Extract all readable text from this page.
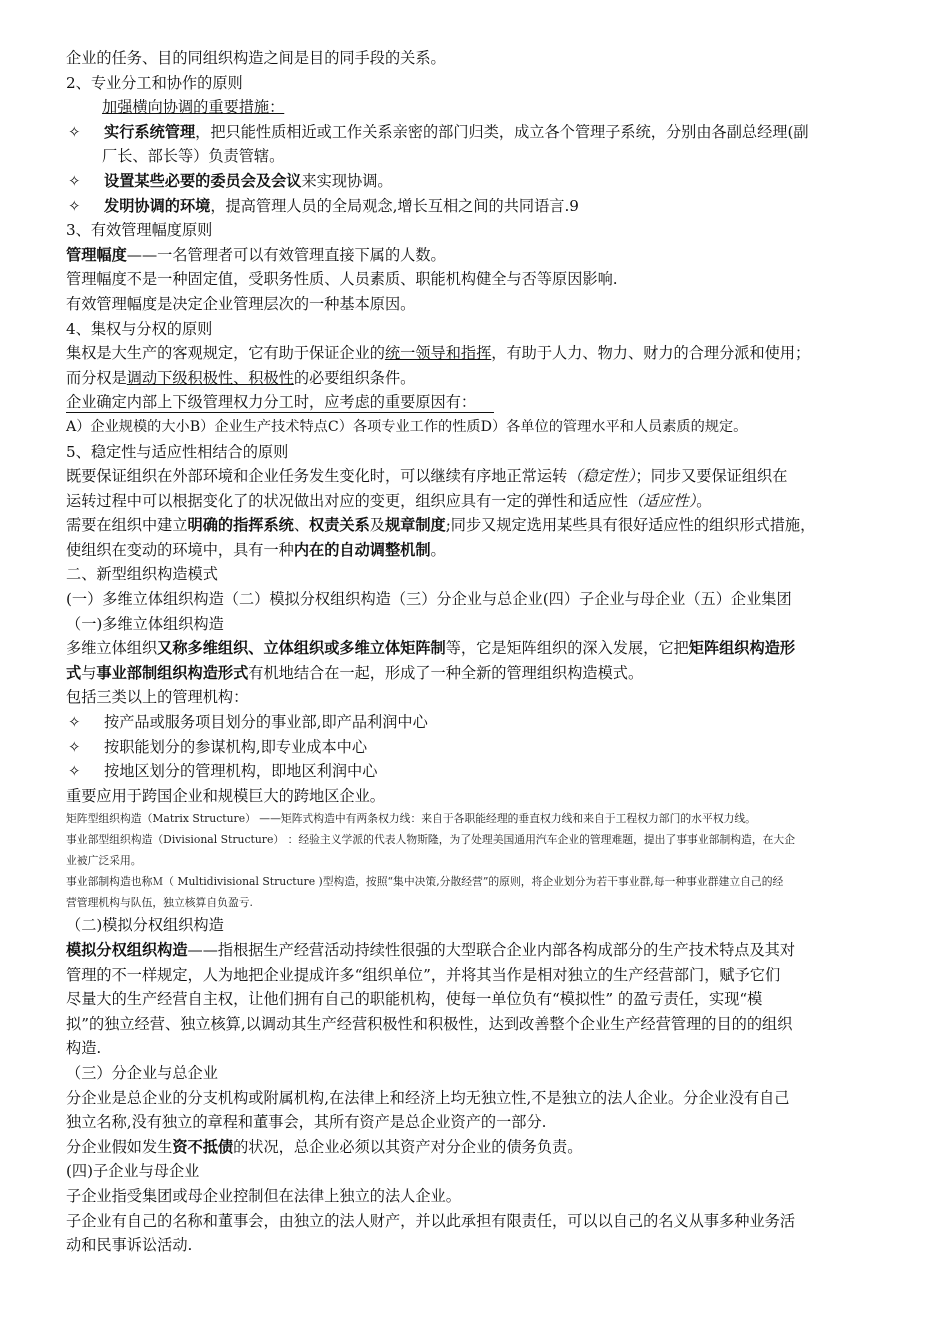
企业的任务、目的同组织构造之间是目的同手段的关系。
2、专业分工和协作的原则
加强横向协调的重要措施：
✧	实行系统管理，把只能性质相近或工作关系亲密的部门归类，成立各个管理子系统，分别由各副总经理(副
厂长、部长等）负责管辖。
✧	设置某些必要的委员会及会议来实现协调。
✧	发明协调的环境，提高管理人员的全局观念,增长互相之间的共同语言.9
3、有效管理幅度原则
管理幅度——一名管理者可以有效管理直接下属的人数。
管理幅度不是一种固定值，受职务性质、人员素质、职能机构健全与否等原因影响.
有效管理幅度是决定企业管理层次的一种基本原因。
4、集权与分权的原则
集权是大生产的客观规定，它有助于保证企业的统一领导和指挥，有助于人力、物力、财力的合理分派和使用；
而分权是调动下级积极性、积极性的必要组织条件。
企业确定内部上下级管理权力分工时，应考虑的重要原因有：
A）企业规模的大小B）企业生产技术特点C）各项专业工作的性质D）各单位的管理水平和人员素质的规定。
5、稳定性与适应性相结合的原则
既要保证组织在外部环境和企业任务发生变化时，可以继续有序地正常运转（稳定性）；同步又要保证组织在
运转过程中可以根据变化了的状况做出对应的变更，组织应具有一定的弹性和适应性（适应性）。
需要在组织中建立明确的指挥系统、权责关系及规章制度;同步又规定选用某些具有很好适应性的组织形式措施，
使组织在变动的环境中，具有一种内在的自动调整机制。
二、新型组织构造模式
(一）多维立体组织构造（二）模拟分权组织构造（三）分企业与总企业(四）子企业与母企业（五）企业集团
（一)多维立体组织构造
多维立体组织又称多维组织、立体组织或多维立体矩阵制等，它是矩阵组织的深入发展，它把矩阵组织构造形
式与事业部制组织构造形式有机地结合在一起，形成了一种全新的管理组织构造模式。
包括三类以上的管理机构：
✧	按产品或服务项目划分的事业部,即产品利润中心
✧	按职能划分的参谋机构,即专业成本中心
✧	按地区划分的管理机构，即地区利润中心
重要应用于跨国企业和规模巨大的跨地区企业。
矩阵型组织构造（Matrix Structure） ——矩阵式构造中有两条权力线：来自于各职能经理的垂直权力线和来自于工程权力部门的水平权力线。
事业部型组织构造（Divisional Structure） ：经验主义学派的代表人物斯隆，为了处理美国通用汽车企业的管理难题，提出了事事业部制构造，在大企
业被广泛采用。
事业部制构造也称Ｍ（ Multidivisional Structure )型构造，按照“集中决策,分散经营”的原则，将企业划分为若干事业群,每一种事业群建立自己的经
营管理机构与队伍，独立核算自负盈亏.
（二)模拟分权组织构造
模拟分权组织构造——指根据生产经营活动持续性很强的大型联合企业内部各构成部分的生产技术特点及其对
管理的不一样规定，人为地把企业提成许多“组织单位”，并将其当作是相对独立的生产经营部门，赋予它们
尽量大的生产经营自主权，让他们拥有自己的职能机构，使每一单位负有“模拟性” 的盈亏责任，实现“模
拟”的独立经营、独立核算,以调动其生产经营积极性和积极性，达到改善整个企业生产经营管理的目的的组织
构造.
（三）分企业与总企业
分企业是总企业的分支机构或附属机构,在法律上和经济上均无独立性,不是独立的法人企业。分企业没有自己
独立名称,没有独立的章程和董事会，其所有资产是总企业资产的一部分.
分企业假如发生资不抵债的状况，总企业必须以其资产对分企业的债务负责。
(四)子企业与母企业
子企业指受集团或母企业控制但在法律上独立的法人企业。
子企业有自己的名称和董事会，由独立的法人财产，并以此承担有限责任，可以以自己的名义从事多种业务活
动和民事诉讼活动.
